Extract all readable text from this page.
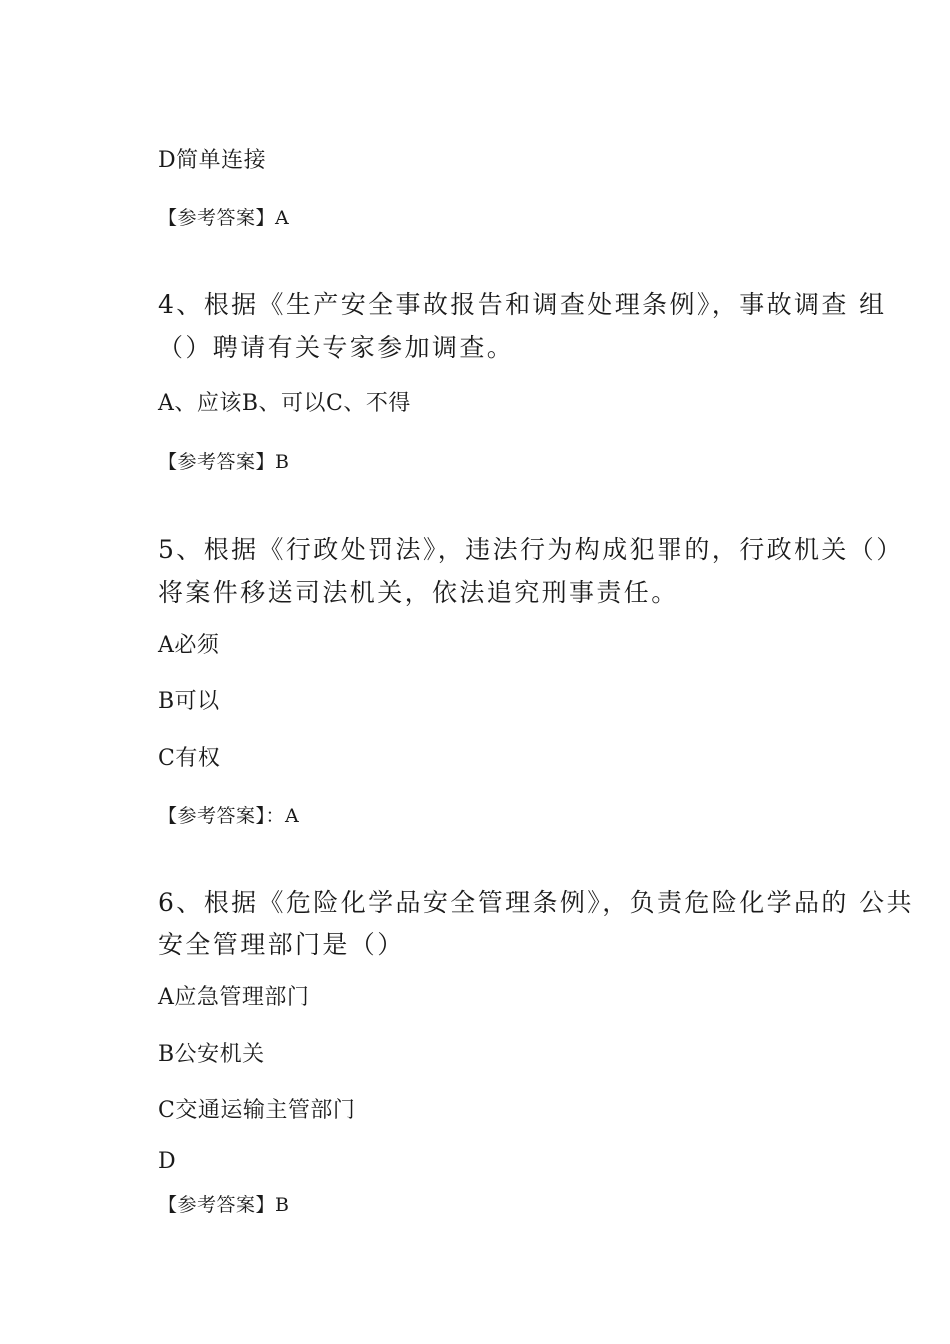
D简单连接

【参考答案】A

4、根据《生产安全事故报告和调查处理条例》，事故调查 组

（）聘请有关专家参加调查。

A、应该B、可以C、不得

【参考答案】B

5、根据《行政处罚法》，违法行为构成犯罪的，行政机关（）

将案件移送司法机关，依法追究刑事责任。

A必须

B可以

C有权

【参考答案】：A

6、根据《危险化学品安全管理条例》，负责危险化学品的 公共

安全管理部门是（）

A应急管理部门

B公安机关

C交通运输主管部门

D

【参考答案】B
